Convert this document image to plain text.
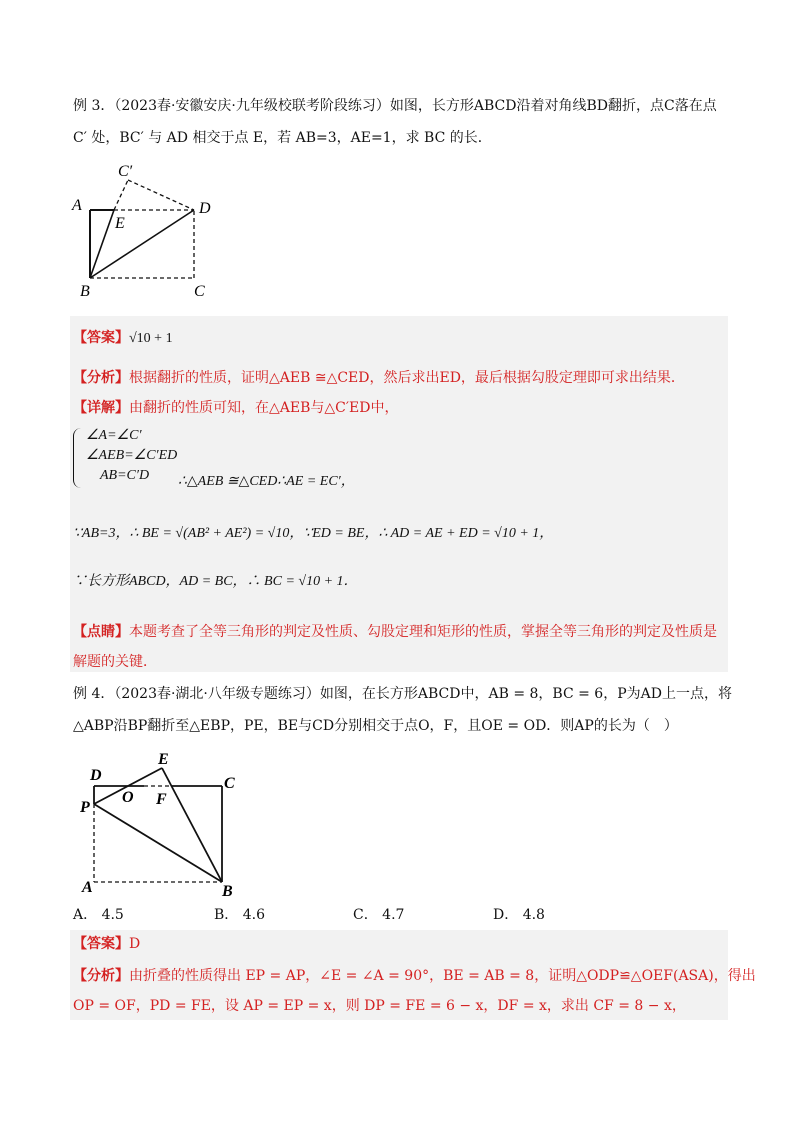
例 3．（2023春·安徽安庆·九年级校联考阶段练习）如图，长方形ABCD沿着对角线BD翻折，点C落在点
C′ 处，BC′ 与 AD 相交于点 E，若 AB=3，AE=1，求 BC 的长．
A
B	C
D
E
C′
【答案】√10 + 1
【分析】根据翻折的性质，证明△AEB ≅△CED，然后求出ED，最后根据勾股定理即可求出结果．
【详解】由翻折的性质可知，在△AEB与△C′ED中，
∠A=∠C′
∠AEB=∠C′ED
AB=C′D ∴△AEB ≅△CED∴AE = EC′，
∵AB=3，∴ BE = √(AB² + AE²) = √10，∵ED = BE，∴ AD = AE + ED = √10 + 1，
∵长方形ABCD，AD = BC，∴ BC = √10 + 1．
【点睛】本题考查了全等三角形的判定及性质、勾股定理和矩形的性质，掌握全等三角形的判定及性质是
解题的关键．
例 4．（2023春·湖北·八年级专题练习）如图，在长方形ABCD中，AB = 8，BC = 6，P为AD上一点，将
△ABP沿BP翻折至△EBP，PE，BE与CD分别相交于点O，F，且OE = OD．则AP的长为（　）
D
P
A	B
C
E
O F
A． 4.5	B． 4.6	C． 4.7	D． 4.8
【答案】D
【分析】由折叠的性质得出 EP = AP，∠E = ∠A = 90°，BE = AB = 8，证明△ODP≌△OEF(ASA)，得出
OP = OF，PD = FE，设 AP = EP = x，则 DP = FE = 6 − x，DF = x，求出 CF = 8 − x，
